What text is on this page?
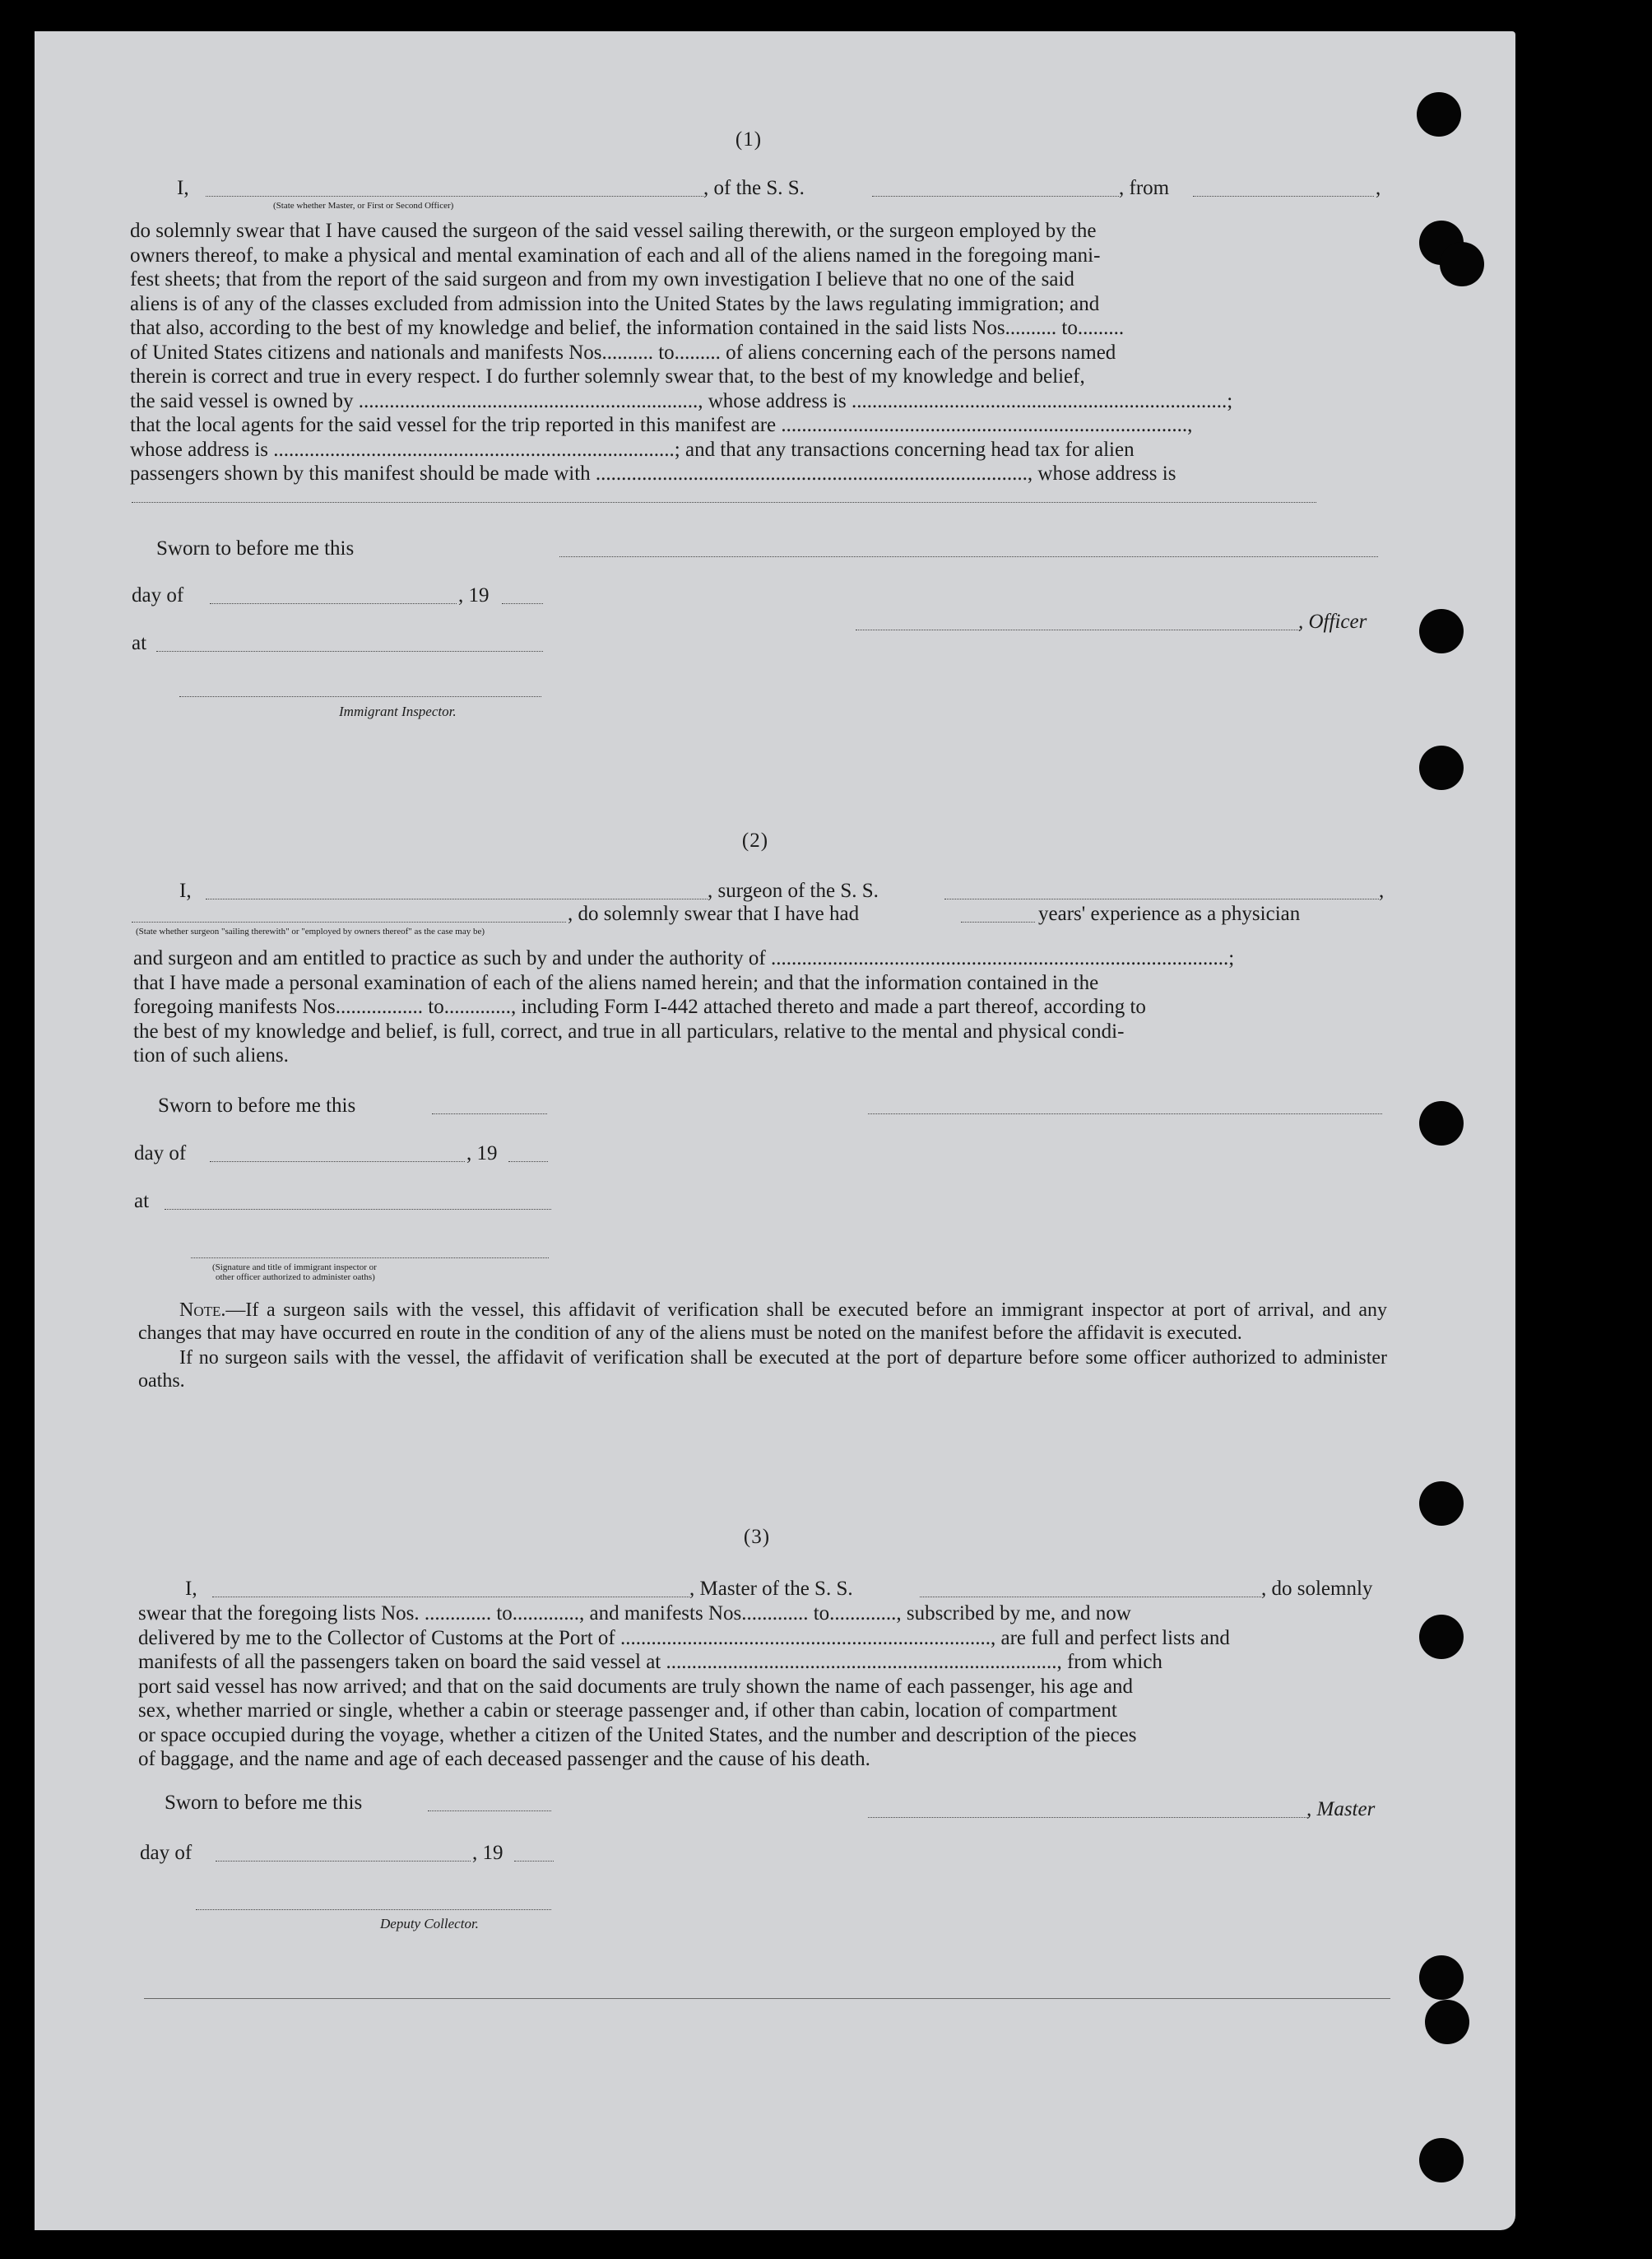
(1)
I,
(State whether Master, or First or Second Officer)
, of the S. S.	, from	,
do solemnly swear that I have caused the surgeon of the said vessel sailing therewith, or the surgeon employed by the
owners thereof, to make a physical and mental examination of each and all of the aliens named in the foregoing mani-
fest sheets; that from the report of the said surgeon and from my own investigation I believe that no one of the said
aliens is of any of the classes excluded from admission into the United States by the laws regulating immigration; and
that also, according to the best of my knowledge and belief, the information contained in the said lists Nos.......... to.........
of United States citizens and nationals and manifests Nos.......... to......... of aliens concerning each of the persons named
therein is correct and true in every respect. I do further solemnly swear that, to the best of my knowledge and belief,
the said vessel is owned by .................................................................., whose address is .........................................................................;
that the local agents for the said vessel for the trip reported in this manifest are ...............................................................................,
whose address is ..............................................................................; and that any transactions concerning head tax for alien
passengers shown by this manifest should be made with ...................................................................................., whose address is
Sworn to before me this
day of	, 19
at
, Officer
Immigrant Inspector.
(2)
I,	, surgeon of the S. S.	,
(State whether surgeon "sailing therewith" or "employed by owners thereof" as the case may be)
, do solemnly swear that I have had	years' experience as a physician
and surgeon and am entitled to practice as such by and under the authority of .........................................................................................;
that I have made a personal examination of each of the aliens named herein; and that the information contained in the
foregoing manifests Nos................. to............., including Form I-442 attached thereto and made a part thereof, according to
the best of my knowledge and belief, is full, correct, and true in all particulars, relative to the mental and physical condi-
tion of such aliens.
Sworn to before me this
day of	, 19
at
(Signature and title of immigrant inspector or
other officer authorized to administer oaths)

Note.—If a surgeon sails with the vessel, this affidavit of verification shall be executed before an immigrant inspector at port of arrival, and any changes that may have occurred en route in the condition of any of the aliens must be noted on the manifest before the affidavit is executed.

If no surgeon sails with the vessel, the affidavit of verification shall be executed at the port of departure before some officer authorized to administer oaths.

(3)
I,	, Master of the S. S.	, do solemnly
swear that the foregoing lists Nos. ............. to............., and manifests Nos............. to............., subscribed by me, and now
delivered by me to the Collector of Customs at the Port of ........................................................................, are full and perfect lists and
manifests of all the passengers taken on board the said vessel at ............................................................................, from which
port said vessel has now arrived; and that on the said documents are truly shown the name of each passenger, his age and
sex, whether married or single, whether a cabin or steerage passenger and, if other than cabin, location of compartment
or space occupied during the voyage, whether a citizen of the United States, and the number and description of the pieces
of baggage, and the name and age of each deceased passenger and the cause of his death.
Sworn to before me this	, Master
day of	, 19
Deputy Collector.
